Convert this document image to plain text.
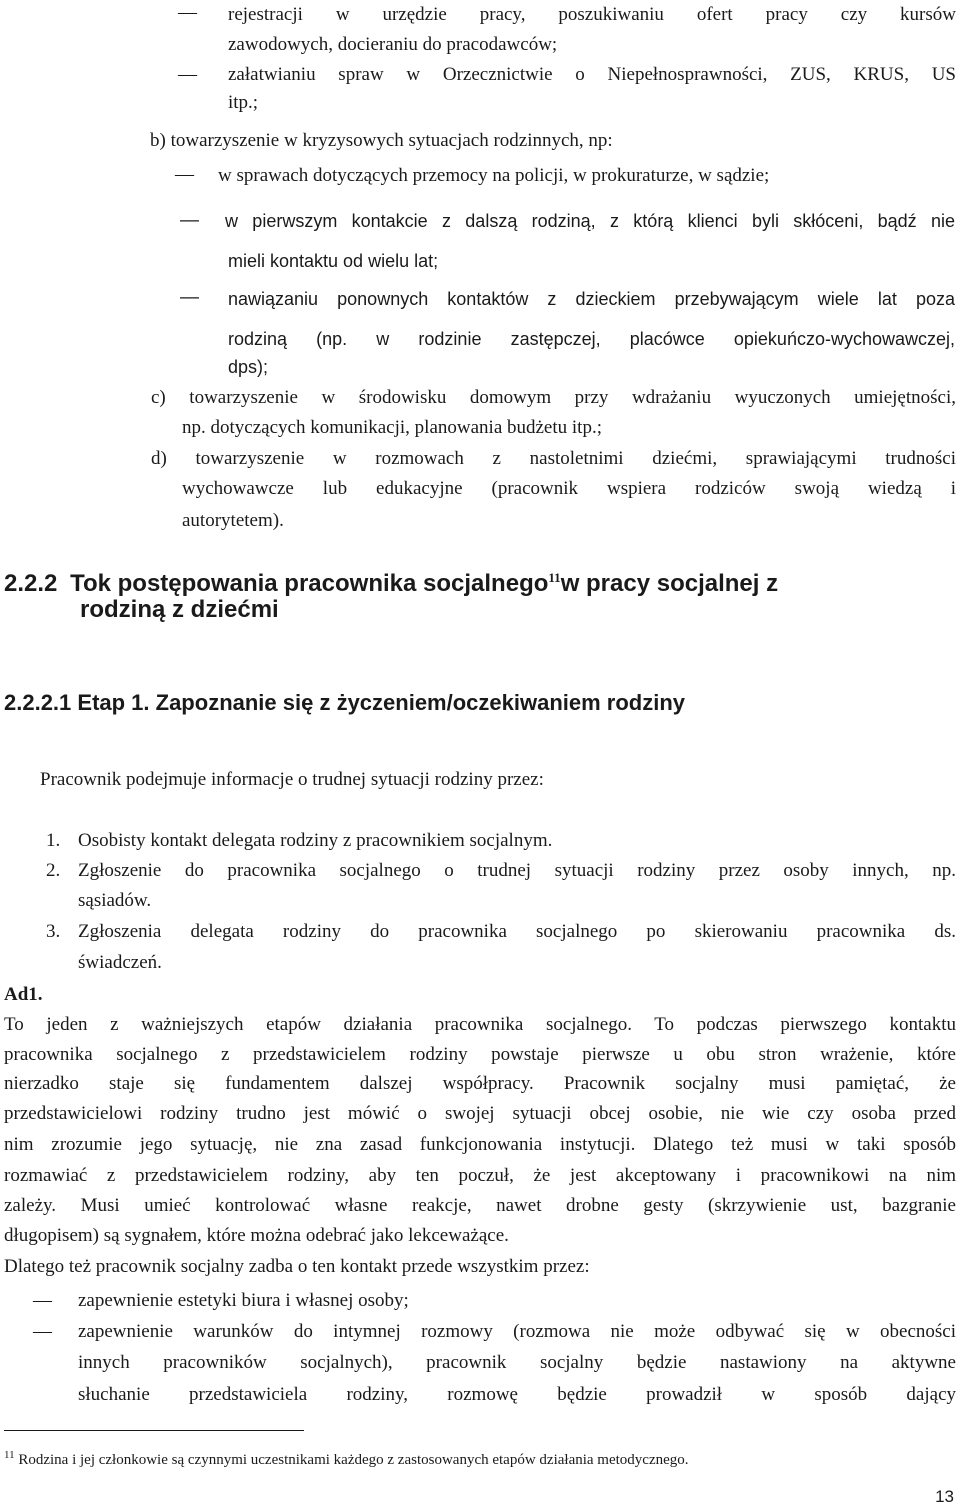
— rejestracji w urzędzie pracy, poszukiwaniu ofert pracy czy kursów
zawodowych, docieraniu do pracodawców;
— załatwianiu spraw w Orzecznictwie o Niepełnosprawności, ZUS, KRUS, US
itp.;
b) towarzyszenie w kryzysowych sytuacjach rodzinnych, np:
— w sprawach dotyczących przemocy na policji, w prokuraturze, w sądzie;
— w pierwszym kontakcie z dalszą rodziną, z którą klienci byli skłóceni, bądź nie
mieli kontaktu od wielu lat;
— nawiązaniu ponownych kontaktów z dzieckiem przebywającym wiele lat poza
rodziną (np. w rodzinie zastępczej, placówce opiekuńczo-wychowawczej,
dps);
c) towarzyszenie w środowisku domowym przy wdrażaniu wyuczonych umiejętności,
np. dotyczących komunikacji, planowania budżetu itp.;
d) towarzyszenie w rozmowach z nastoletnimi dziećmi, sprawiającymi trudności
wychowawcze lub edukacyjne (pracownik wspiera rodziców swoją wiedzą i
autorytetem).
2.2.2 Tok postępowania pracownika socjalnego$^{11}$w pracy socjalnej z
rodziną z dziećmi
2.2.2.1 Etap 1. Zapoznanie się z życzeniem/oczekiwaniem rodziny
Pracownik podejmuje informacje o trudnej sytuacji rodziny przez:
1. Osobisty kontakt delegata rodziny z pracownikiem socjalnym.
2. Zgłoszenie do pracownika socjalnego o trudnej sytuacji rodziny przez osoby innych, np.
sąsiadów.
3. Zgłoszenia delegata rodziny do pracownika socjalnego po skierowaniu pracownika ds.
świadczeń.
Ad1.
To jeden z ważniejszych etapów działania pracownika socjalnego. To podczas pierwszego kontaktu
pracownika socjalnego z przedstawicielem rodziny powstaje pierwsze u obu stron wrażenie, które
nierzadko staje się fundamentem dalszej współpracy. Pracownik socjalny musi pamiętać, że
przedstawicielowi rodziny trudno jest mówić o swojej sytuacji obcej osobie, nie wie czy osoba przed
nim zrozumie jego sytuację, nie zna zasad funkcjonowania instytucji. Dlatego też musi w taki sposób
rozmawiać z przedstawicielem rodziny, aby ten poczuł, że jest akceptowany i pracownikowi na nim
zależy. Musi umieć kontrolować własne reakcje, nawet drobne gesty (skrzywienie ust, bazgranie
długopisem) są sygnałem, które można odebrać jako lekceważące.
Dlatego też pracownik socjalny zadba o ten kontakt przede wszystkim przez:
— zapewnienie estetyki biura i własnej osoby;
— zapewnienie warunków do intymnej rozmowy (rozmowa nie może odbywać się w obecności
innych pracowników socjalnych), pracownik socjalny będzie nastawiony na aktywne
słuchanie przedstawiciela rodziny, rozmowę będzie prowadził w sposób dający
$^{11}$ Rodzina i jej członkowie są czynnymi uczestnikami każdego z zastosowanych etapów działania metodycznego.
13
